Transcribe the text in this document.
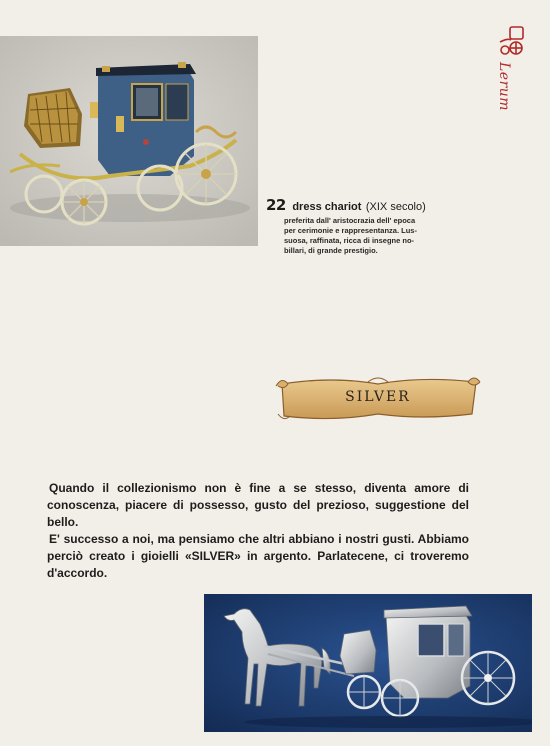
Lerum
22 dress chariot (XIX secolo)
preferita dall' aristocrazia dell' epoca
per cerimonie e rappresentanza. Lus-
suosa, raffinata, ricca di insegne no-
billari, di grande prestigio.
SILVER

Quando il collezionismo non è fine a se stesso, diventa amore di conoscenza, piacere di possesso, gusto del prezioso, suggestione del bello.

E' successo a noi, ma pensiamo che altri abbiano i nostri gusti. Abbiamo perciò creato i gioielli «SILVER» in argento. Parlatecene, ci troveremo d'accordo.
